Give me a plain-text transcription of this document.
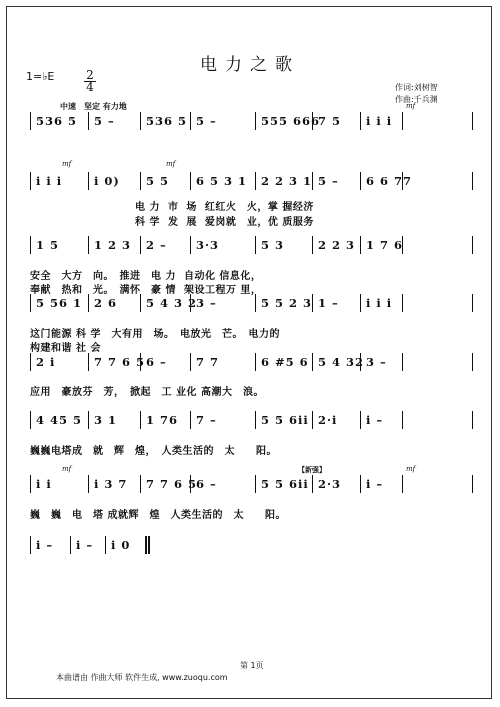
电力之歌
1=♭E	2
4	作词:刘树智
作曲:千兵渊
中速　坚定 有力地
536 5 5 –	536 5 5 –	555 666
7 5 i i i
i i i	i 0) 5 5 6 5 3 1 2 2 3 1 5 – 6 6 77
1 5	1 2 3 2 –	3·3	5 3	2 2 3 1 7 6
5 56 1 2 6	5 4 3 2
3 –	5 5 2 3 1 – i i i
2 i	7 7 6 5 6 –	7 7	6 #5 6 5 4 32 3 –
4 45 5 3 1	1 76 7 –	5 5 6ii 2·i i –
i i	i 3 7 7 7 6 5
6 –	5 5 6ii 2·3 i –
i – i – i 0
　　　　　　　　　　电 力  市  场  红红火　火，掌 握经济
　　　　　　　　　　科 学  发  展  爱岗就　业，优 质服务
安全　大方　向。　推进　电 力  自动化 信息化，
奉献　热和　光。　满怀　豪 情  架设工程万 里，
这门能源 科 学　大有用　场。　电放光　芒。　电力的
构建和谐 社 会
应用　豪放芬　芳，　掀起　工 业化 高潮大　浪。
巍巍电塔成　就　辉　煌，　人类生活的　太　　阳。
巍　巍　电　塔 成就辉　煌　人类生活的　太　　阳。
mf
mf	mf
mf	mf
【新强】
第 1页
本曲谱由 作曲大师 软件生成, www.zuoqu.com
